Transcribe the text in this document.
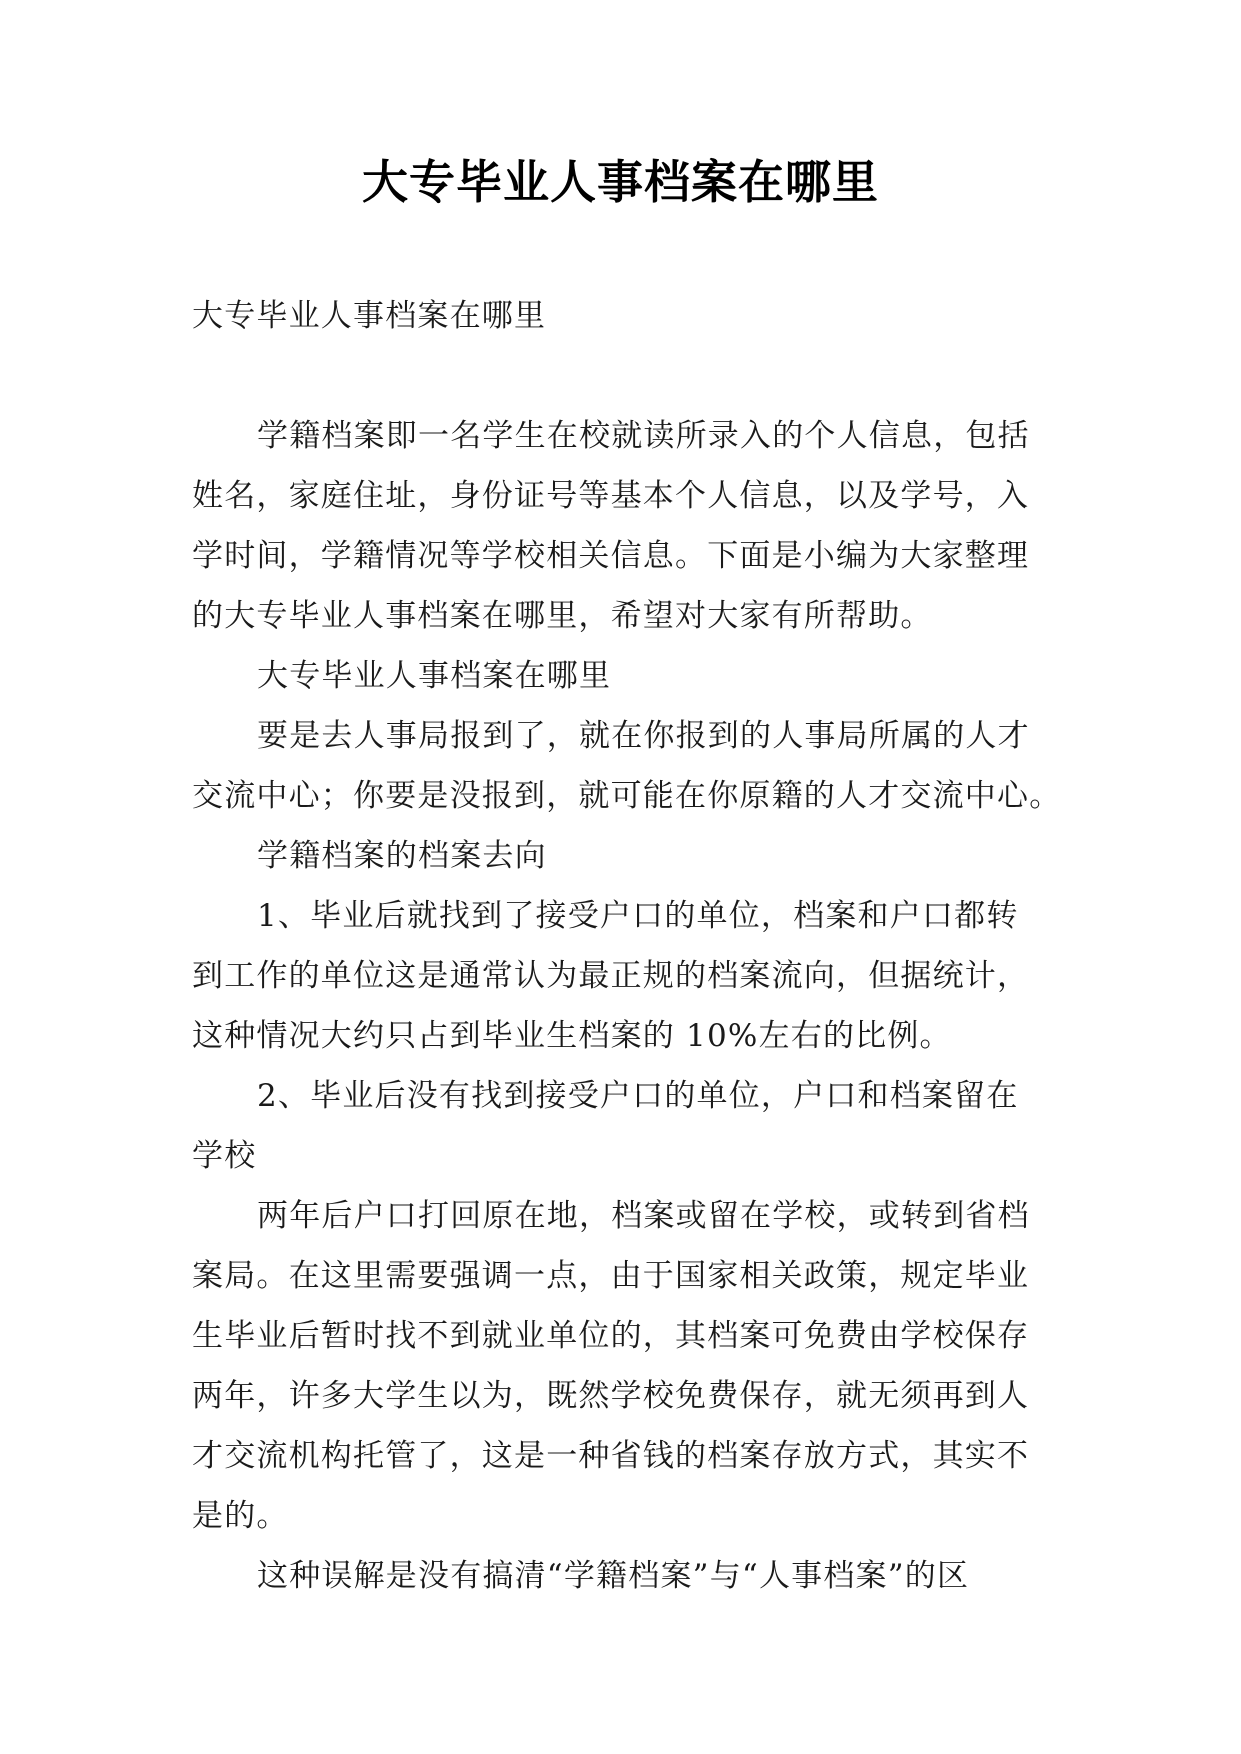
大专毕业人事档案在哪里
大专毕业人事档案在哪里
学籍档案即一名学生在校就读所录入的个人信息，包括
姓名，家庭住址，身份证号等基本个人信息，以及学号，入
学时间，学籍情况等学校相关信息。下面是小编为大家整理
的大专毕业人事档案在哪里，希望对大家有所帮助。
大专毕业人事档案在哪里
要是去人事局报到了，就在你报到的人事局所属的人才
交流中心；你要是没报到，就可能在你原籍的人才交流中心。
学籍档案的档案去向
1、毕业后就找到了接受户口的单位，档案和户口都转
到工作的单位这是通常认为最正规的档案流向，但据统计，
这种情况大约只占到毕业生档案的 10%左右的比例。
2、毕业后没有找到接受户口的单位，户口和档案留在
学校
两年后户口打回原在地，档案或留在学校，或转到省档
案局。在这里需要强调一点，由于国家相关政策，规定毕业
生毕业后暂时找不到就业单位的，其档案可免费由学校保存
两年，许多大学生以为，既然学校免费保存，就无须再到人
才交流机构托管了，这是一种省钱的档案存放方式，其实不
是的。
这种误解是没有搞清“学籍档案”与“人事档案”的区
